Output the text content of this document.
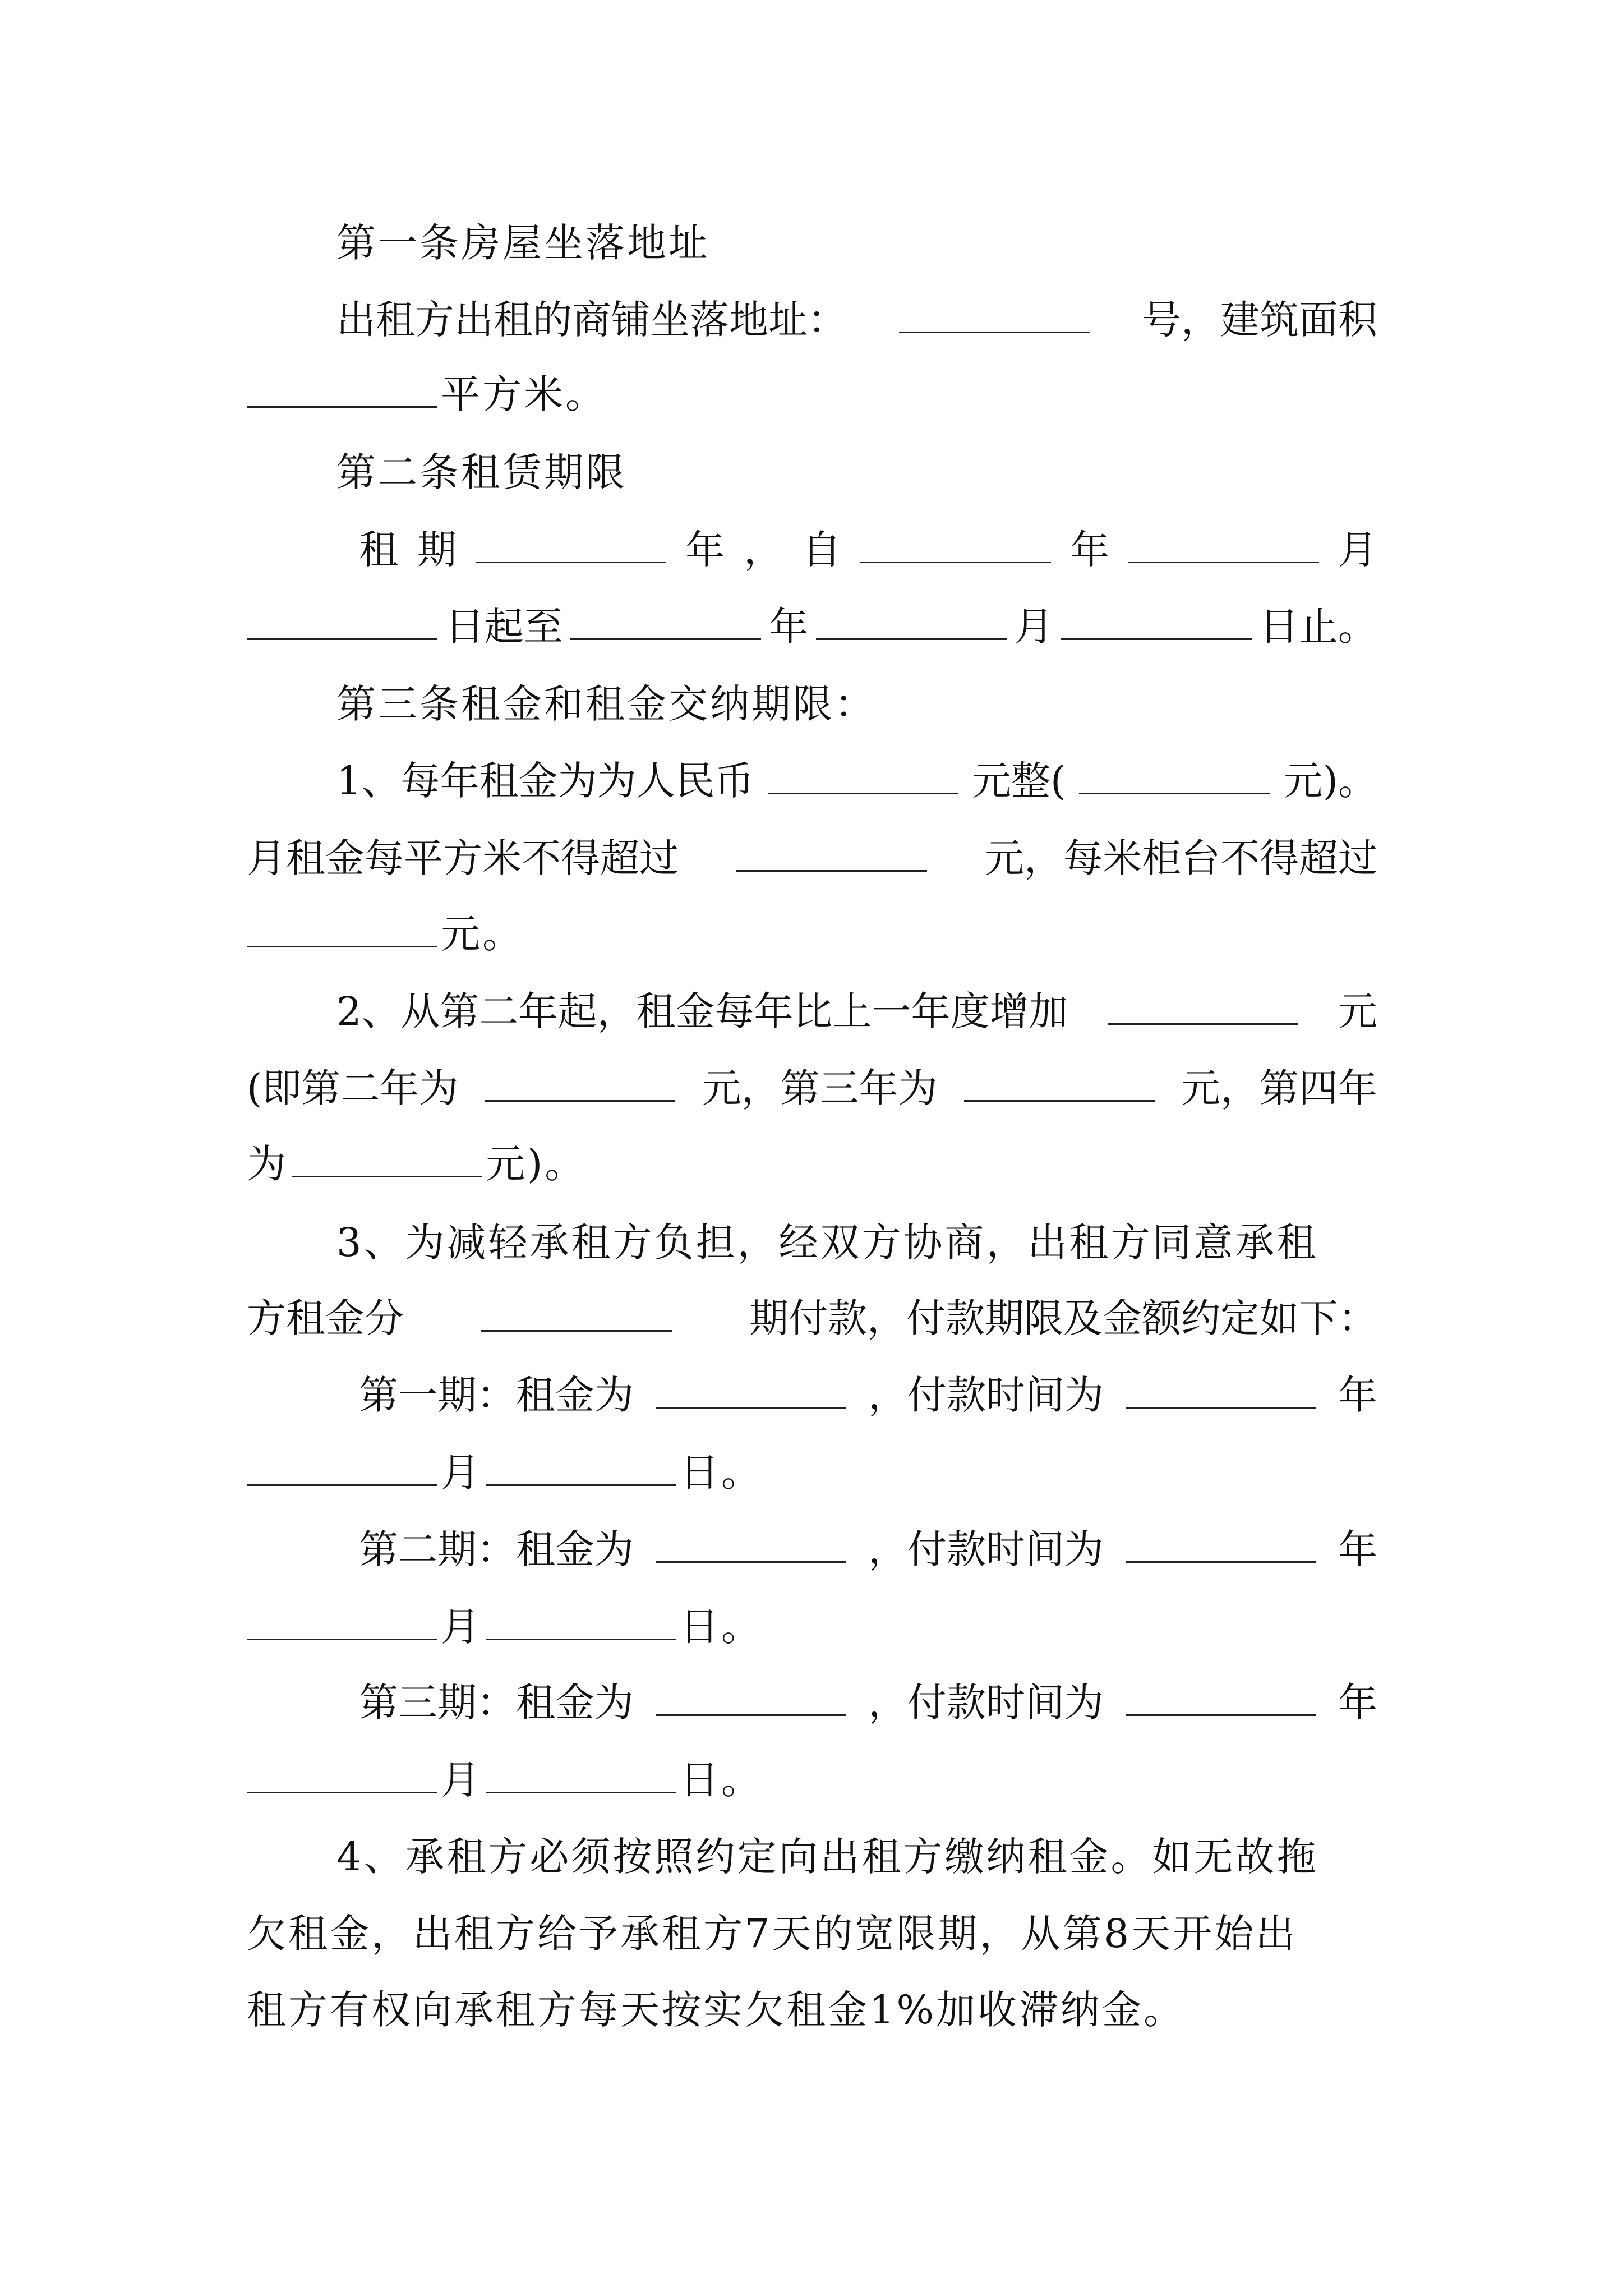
第一条房屋坐落地址
出租方出租的商铺坐落地址：	号，建筑面积
平方米。
第二条租赁期限
租 期	年 ， 自	年	月
日起至	年	月	日止。
第三条租金和租金交纳期限：
1、每年租金为为人民币	元整(	元)。
月租金每平方米不得超过	元，每米柜台不得超过
元。
2、从第二年起，租金每年比上一年度增加	元
(即第二年为	元，第三年为	元，第四年
为	元)。
3、为减轻承租方负担，经双方协商，出租方同意承租
方租金分	期付款，付款期限及金额约定如下：
第一期：租金为	，付款时间为	年
月	日。
第二期：租金为	，付款时间为	年
月	日。
第三期：租金为	，付款时间为	年
月	日。
4、承租方必须按照约定向出租方缴纳租金。如无故拖
欠租金，出租方给予承租方7天的宽限期，从第8天开始出
租方有权向承租方每天按实欠租金1%加收滞纳金。
